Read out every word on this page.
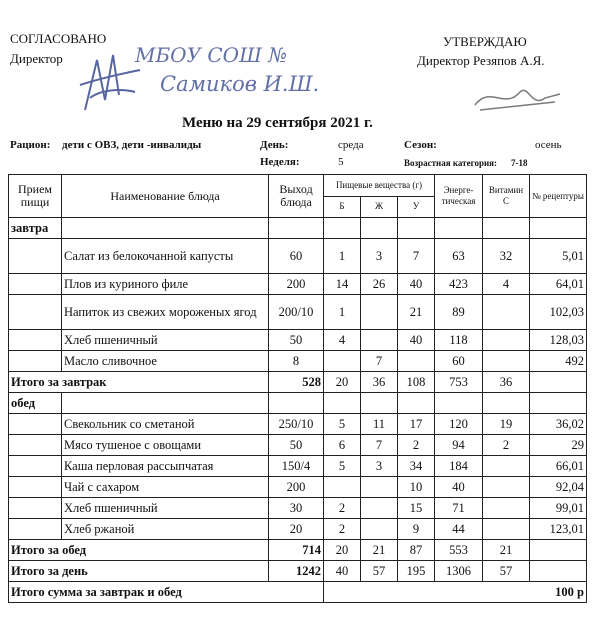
СОГЛАСОВАНО
Директор	МБОУ СОШ №
Самиков И.Ш.
УТВЕРЖДАЮ
Директор Резяпов А.Я.
Меню на 29 сентября 2021 г.
Рацион: дети с ОВЗ, дети -инвалиды	День:	среда	Сезон:	осень
Неделя:	5	Возрастная категория: 7-18
Прием пищи	Наименование блюда	Выход блюда	Пищевые вещества (г)			Энерге-тическая	Витамин С	№ рецептуры
			Б	Ж	У			
завтра								
	Салат из белокочанной капусты	60	1	3	7	63	32	5,01
	Плов из куриного филе	200	14	26	40	423	4	64,01
	Напиток из свежих мороженых ягод	200/10	1		21	89		102,03
	Хлеб пшеничный	50	4		40	118		128,03
	Масло сливочное	8		7		60		492
Итого за завтрак		528	20	36	108	753	36	
обед								
	Свекольник со сметаной	250/10	5	11	17	120	19	36,02
	Мясо тушеное с овощами	50	6	7	2	94	2	29
	Каша перловая рассыпчатая	150/4	5	3	34	184		66,01
	Чай с сахаром	200			10	40		92,04
	Хлеб пшеничный	30	2		15	71		99,01
	Хлеб ржаной	20	2		9	44		123,01
Итого за обед		714	20	21	87	553	21	
Итого за день		1242	40	57	195	1306	57	
Итого сумма за завтрак и обед			100 р					
